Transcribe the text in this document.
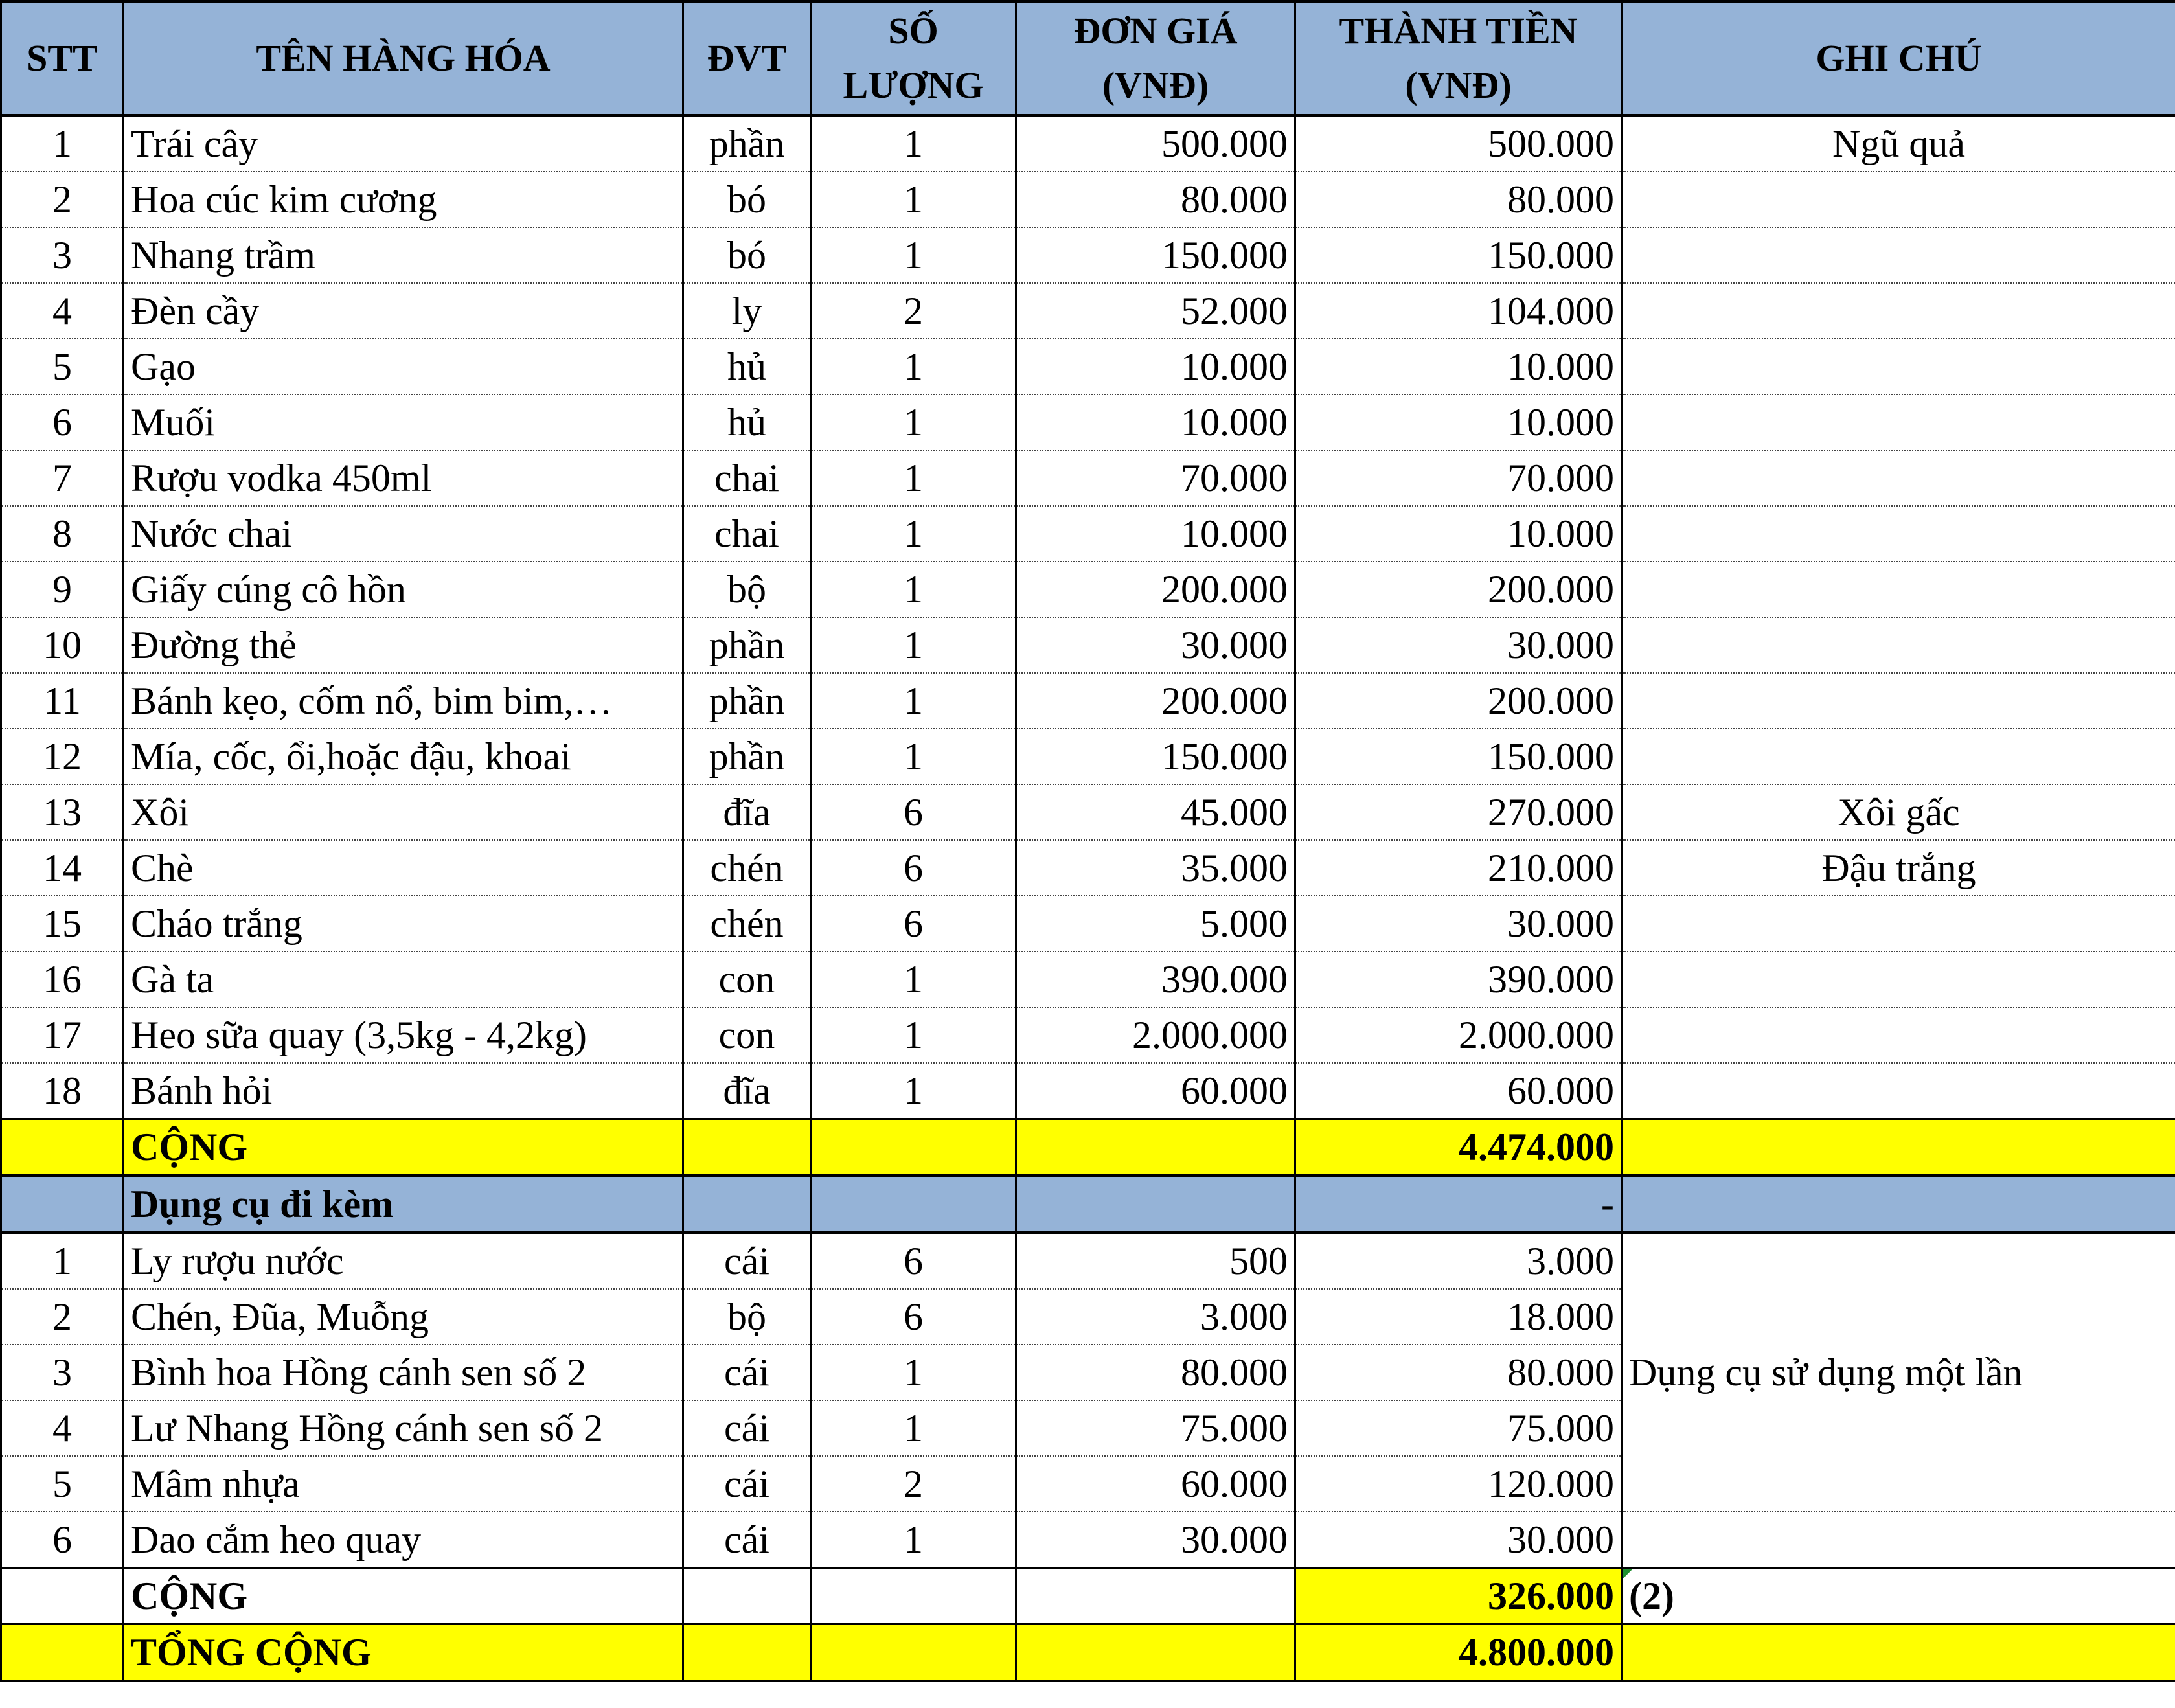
STT	TÊN HÀNG HÓA	ĐVT	SỐ LƯỢNG	ĐƠN GIÁ (VNĐ)	THÀNH TIỀN (VNĐ)	GHI CHÚ
1	Trái cây	phần	1	500.000	500.000	Ngũ quả
2	Hoa cúc kim cương	bó	1	80.000	80.000	
3	Nhang trầm	bó	1	150.000	150.000	
4	Đèn cầy	ly	2	52.000	104.000	
5	Gạo	hủ	1	10.000	10.000	
6	Muối	hủ	1	10.000	10.000	
7	Rượu vodka 450ml	chai	1	70.000	70.000	
8	Nước chai	chai	1	10.000	10.000	
9	Giấy cúng cô hồn	bộ	1	200.000	200.000	
10	Đường thẻ	phần	1	30.000	30.000	
11	Bánh kẹo, cốm nổ, bim bim,…	phần	1	200.000	200.000	
12	Mía, cốc, ổi,hoặc đậu, khoai	phần	1	150.000	150.000	
13	Xôi	đĩa	6	45.000	270.000	Xôi gấc
14	Chè	chén	6	35.000	210.000	Đậu trắng
15	Cháo trắng	chén	6	5.000	30.000	
16	Gà ta	con	1	390.000	390.000	
17	Heo sữa quay (3,5kg - 4,2kg)	con	1	2.000.000	2.000.000	
18	Bánh hỏi	đĩa	1	60.000	60.000	
	CỘNG				4.474.000	
	Dụng cụ đi kèm				-	
1	Ly rượu nước	cái	6	500	3.000	Dụng cụ sử dụng một lần
2	Chén, Đũa, Muỗng	bộ	6	3.000	18.000	
3	Bình hoa Hồng cánh sen số 2	cái	1	80.000	80.000	
4	Lư Nhang Hồng cánh sen số 2	cái	1	75.000	75.000	
5	Mâm nhựa	cái	2	60.000	120.000	
6	Dao cắm heo quay	cái	1	30.000	30.000	
	CỘNG				326.000	(2)
	TỔNG CỘNG				4.800.000	
